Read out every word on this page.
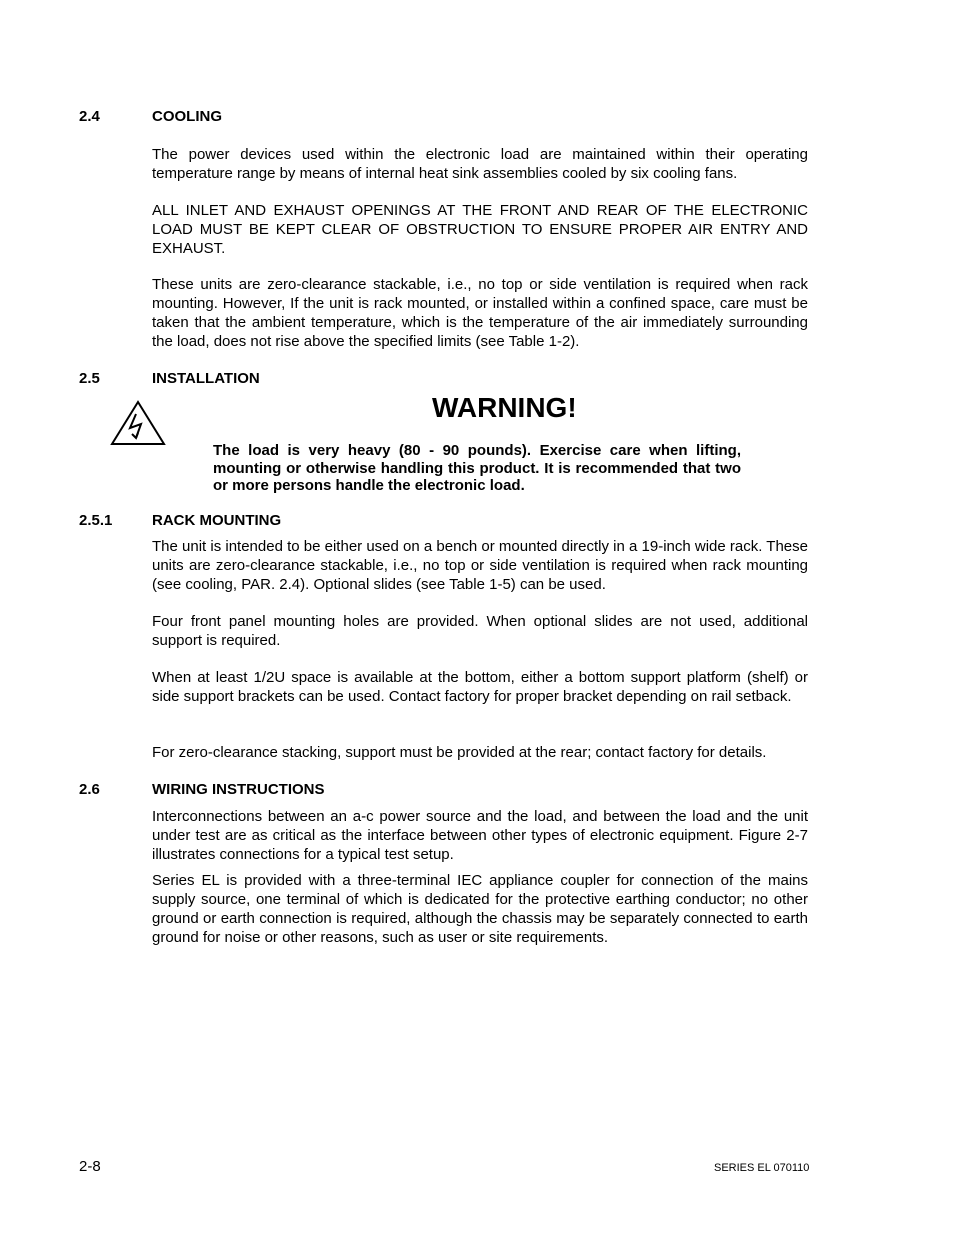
2.4	COOLING
The power devices used within the electronic load are maintained within their operating temperature range by means of internal heat sink assemblies cooled by six cooling fans.
ALL INLET AND EXHAUST OPENINGS AT THE FRONT AND REAR OF THE ELECTRONIC LOAD MUST BE KEPT CLEAR OF OBSTRUCTION TO ENSURE PROPER AIR ENTRY AND EXHAUST.
These units are zero-clearance stackable, i.e., no top or side ventilation is required when rack mounting. However, If the unit is rack mounted, or installed within a confined space, care must be taken that the ambient temperature, which is the temperature of the air immediately surrounding the load, does not rise above the specified limits (see Table 1-2).
2.5	INSTALLATION
WARNING!
The load is very heavy (80 - 90 pounds). Exercise care when lifting, mounting or otherwise handling this product. It is recommended that two or more persons handle the electronic load.
2.5.1	RACK MOUNTING
The unit is intended to be either used on a bench or mounted directly in a 19-inch wide rack. These units are zero-clearance stackable, i.e., no top or side ventilation is required when rack mounting (see cooling, PAR. 2.4). Optional slides (see Table 1-5) can be used.
Four front panel mounting holes are provided. When optional slides are not used, additional support is required.
When at least 1/2U space is available at the bottom, either a bottom support platform (shelf) or side support brackets can be used. Contact factory for proper bracket depending on rail setback.
For zero-clearance stacking, support must be provided at the rear; contact factory for details.
2.6	WIRING INSTRUCTIONS
Interconnections between an a-c power source and the load, and between the load and the unit under test are as critical as the interface between other types of electronic equipment. Figure 2-7 illustrates connections for a typical test setup.
Series EL is provided with a three-terminal IEC appliance coupler for connection of the mains supply source, one terminal of which is dedicated for the protective earthing conductor; no other ground or earth connection is required, although the chassis may be separately connected to earth ground for noise or other reasons, such as user or site requirements.
2-8	SERIES EL 070110
